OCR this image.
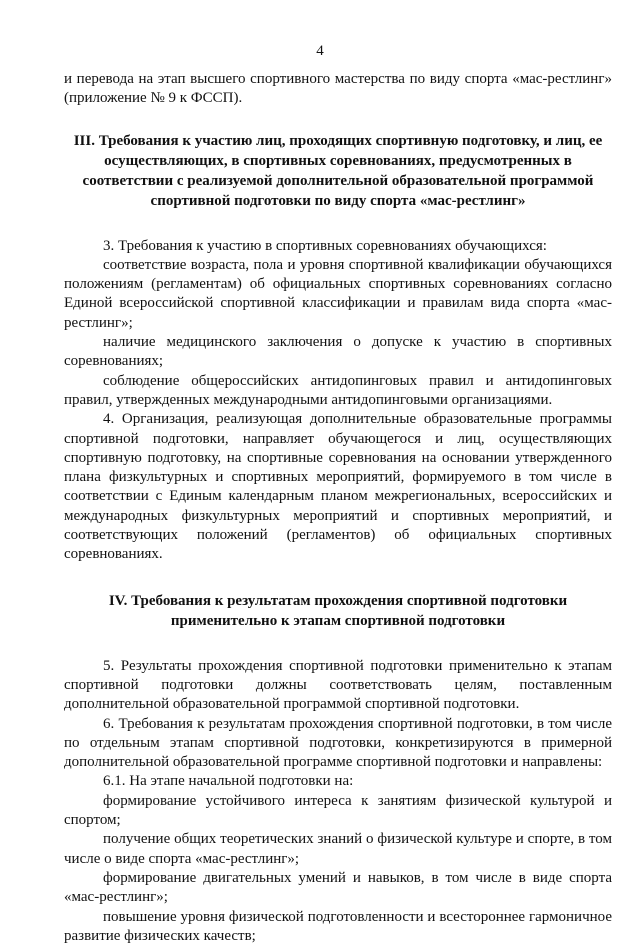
4

и перевода на этап высшего спортивного мастерства по виду спорта «мас-рестлинг» (приложение № 9 к ФССП).

III. Требования к участию лиц, проходящих спортивную подготовку, и лиц, ее осуществляющих, в спортивных соревнованиях, предусмотренных в соответствии с реализуемой дополнительной образовательной программой спортивной подготовки по виду спорта «мас-рестлинг»

3. Требования к участию в спортивных соревнованиях обучающихся:

соответствие возраста, пола и уровня спортивной квалификации обучающихся положениям (регламентам) об официальных спортивных соревнованиях согласно Единой всероссийской спортивной классификации и правилам вида спорта «мас-рестлинг»;

наличие медицинского заключения о допуске к участию в спортивных соревнованиях;

соблюдение общероссийских антидопинговых правил и антидопинговых правил, утвержденных международными антидопинговыми организациями.

4. Организация, реализующая дополнительные образовательные программы спортивной подготовки, направляет обучающегося и лиц, осуществляющих спортивную подготовку, на спортивные соревнования на основании утвержденного плана физкультурных и спортивных мероприятий, формируемого в том числе в соответствии с Единым календарным планом межрегиональных, всероссийских и международных физкультурных мероприятий и спортивных мероприятий, и соответствующих положений (регламентов) об официальных спортивных соревнованиях.

IV. Требования к результатам прохождения спортивной подготовки применительно к этапам спортивной подготовки

5. Результаты прохождения спортивной подготовки применительно к этапам спортивной подготовки должны соответствовать целям, поставленным дополнительной образовательной программой спортивной подготовки.

6. Требования к результатам прохождения спортивной подготовки, в том числе по отдельным этапам спортивной подготовки, конкретизируются в примерной дополнительной образовательной программе спортивной подготовки и направлены:

6.1. На этапе начальной подготовки на:

формирование устойчивого интереса к занятиям физической культурой и спортом;

получение общих теоретических знаний о физической культуре и спорте, в том числе о виде спорта «мас-рестлинг»;

формирование двигательных умений и навыков, в том числе в виде спорта «мас-рестлинг»;

повышение уровня физической подготовленности и всестороннее гармоничное развитие физических качеств;
